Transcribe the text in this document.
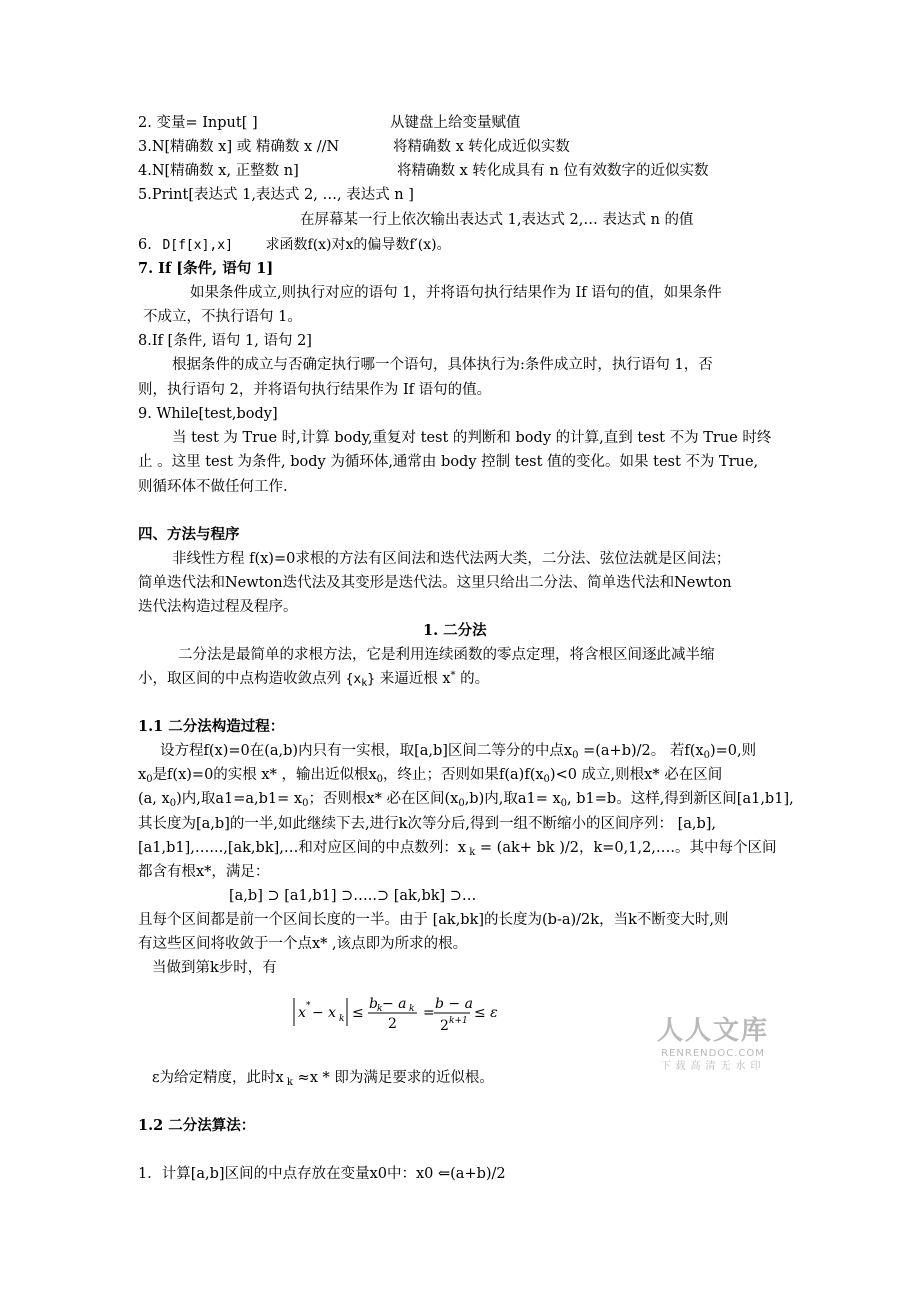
2. 变量= Input[ ]	从键盘上给变量赋值
3.N[精确数 x] 或 精确数 x //N	将精确数 x 转化成近似实数
4.N[精确数 x, 正整数 n]	将精确数 x 转化成具有 n 位有效数字的近似实数
5.Print[表达式 1,表达式 2, …, 表达式 n ]
在屏幕某一行上依次输出表达式 1,表达式 2,… 表达式 n 的值
6. D[f[x],x] 求函数f(x)对x的偏导数f′(x)。
7. If [条件, 语句 1]
如果条件成立,则执行对应的语句 1，并将语句执行结果作为 If 语句的值，如果条件
不成立，不执行语句 1。
8.If [条件, 语句 1, 语句 2]
根据条件的成立与否确定执行哪一个语句，具体执行为:条件成立时，执行语句 1，否
则，执行语句 2，并将语句执行结果作为 If 语句的值。
9. While[test,body]
当 test 为 True 时,计算 body,重复对 test 的判断和 body 的计算,直到 test 不为 True 时终
止 。这里 test 为条件, body 为循环体,通常由 body 控制 test 值的变化。如果 test 不为 True,
则循环体不做任何工作.
四、方法与程序
非线性方程 f(x)=0求根的方法有区间法和迭代法两大类，二分法、弦位法就是区间法；
简单迭代法和Newton迭代法及其变形是迭代法。这里只给出二分法、简单迭代法和Newton
迭代法构造过程及程序。
1. 二分法
二分法是最简单的求根方法，它是利用连续函数的零点定理，将含根区间逐此减半缩
小，取区间的中点构造收敛点列 $\{x_k\}$ 来逼近根 x* 的。
1.1 二分法构造过程：
设方程f(x)=0在(a,b)内只有一实根，取[a,b]区间二等分的中点$x_0 =(a+b)/2$。 若$f(x_0)=0$,则
$x_0$是f(x)=0的实根 x* ，输出近似根$x_0$，终止；否则如果$f(a)f(x_0)<0$ 成立,则根x* 必在区间
(a, $x_0$)内,取$a1=a,b1= x_0$；否则根x* 必在区间$(x_0,b)$内,取$a1= x_0$, b1=b。这样,得到新区间[a1,b1],
其长度为[a,b]的一半,如此继续下去,进行k次等分后,得到一组不断缩小的区间序列： [a,b],
[a1,b1],…...,[ak,bk],…和对应区间的中点数列：x $_k$ = (ak+ bk )/2，k=0,1,2,….。其中每个区间
都含有根x*，满足：
[a,b] ⊃ [a1,b1] ⊃…..⊃ [ak,bk] ⊃…
且每个区间都是前一个区间长度的一半。由于 [ak,bk]的长度为(b-a)/2k，当k不断变大时,则
有这些区间将收敛于一个点x* ,该点即为所求的根。
当做到第k步时，有
x * − x k ≤
b k − a k
2
=
b − a
2 k+1 ≤ ε
ε为给定精度，此时x $_k$ ≈x * 即为满足要求的近似根。
1.2 二分法算法：
1．计算[a,b]区间的中点存放在变量x0中：x0 ⇐(a+b)/2
人人文库
RENRENDOC.COM
下载高清无水印
